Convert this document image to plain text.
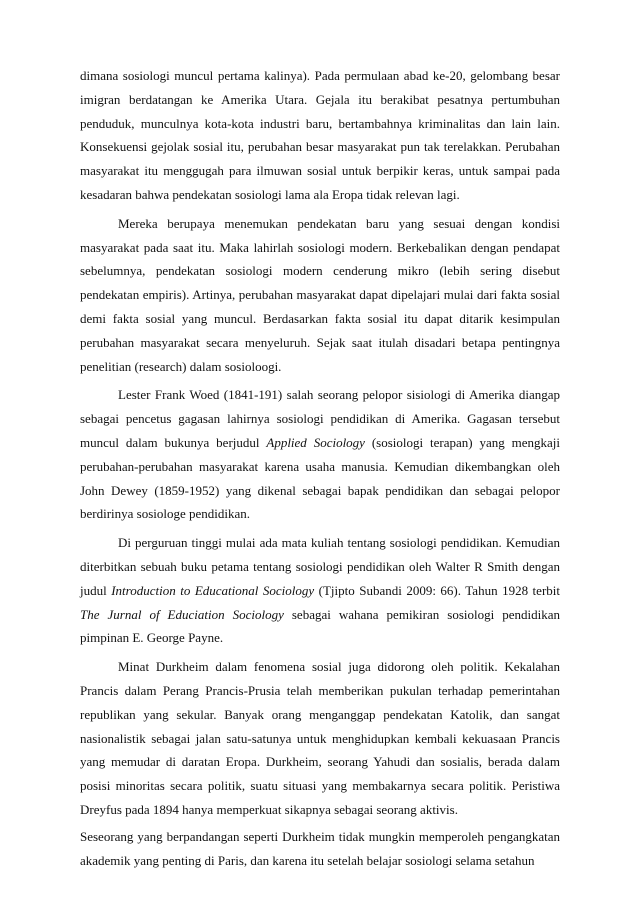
dimana sosiologi muncul pertama kalinya). Pada permulaan abad ke-20, gelombang besar imigran berdatangan ke Amerika Utara. Gejala itu berakibat pesatnya pertumbuhan penduduk, munculnya kota-kota industri baru, bertambahnya kriminalitas dan lain lain. Konsekuensi gejolak sosial itu, perubahan besar masyarakat pun tak terelakkan. Perubahan masyarakat itu menggugah para ilmuwan sosial untuk berpikir keras, untuk sampai pada kesadaran bahwa pendekatan sosiologi lama ala Eropa tidak relevan lagi.

Mereka berupaya menemukan pendekatan baru yang sesuai dengan kondisi masyarakat pada saat itu. Maka lahirlah sosiologi modern. Berkebalikan dengan pendapat sebelumnya, pendekatan sosiologi modern cenderung mikro (lebih sering disebut pendekatan empiris). Artinya, perubahan masyarakat dapat dipelajari mulai dari fakta sosial demi fakta sosial yang muncul. Berdasarkan fakta sosial itu dapat ditarik kesimpulan perubahan masyarakat secara menyeluruh. Sejak saat itulah disadari betapa pentingnya penelitian (research) dalam sosioloogi.

Lester Frank Woed (1841-191) salah seorang pelopor sisiologi di Amerika diangap sebagai pencetus gagasan lahirnya sosiologi pendidikan di Amerika. Gagasan tersebut muncul dalam bukunya berjudul Applied Sociology (sosiologi terapan) yang mengkaji perubahan-perubahan masyarakat karena usaha manusia. Kemudian dikembangkan oleh John Dewey (1859-1952) yang dikenal sebagai bapak pendidikan dan sebagai pelopor berdirinya sosiologe pendidikan.

Di perguruan tinggi mulai ada mata kuliah tentang sosiologi pendidikan. Kemudian diterbitkan sebuah buku petama tentang sosiologi pendidikan oleh Walter R Smith dengan judul Introduction to Educational Sociology (Tjipto Subandi 2009: 66). Tahun 1928 terbit The Jurnal of Educiation Sociology sebagai wahana pemikiran sosiologi pendidikan pimpinan E. George Payne.

Minat Durkheim dalam fenomena sosial juga didorong oleh politik. Kekalahan Prancis dalam Perang Prancis-Prusia telah memberikan pukulan terhadap pemerintahan republikan yang sekular. Banyak orang menganggap pendekatan Katolik, dan sangat nasionalistik sebagai jalan satu-satunya untuk menghidupkan kembali kekuasaan Prancis yang memudar di daratan Eropa. Durkheim, seorang Yahudi dan sosialis, berada dalam posisi minoritas secara politik, suatu situasi yang membakarnya secara politik. Peristiwa Dreyfus pada 1894 hanya memperkuat sikapnya sebagai seorang aktivis.

Seseorang yang berpandangan seperti Durkheim tidak mungkin memperoleh pengangkatan akademik yang penting di Paris, dan karena itu setelah belajar sosiologi selama setahun
